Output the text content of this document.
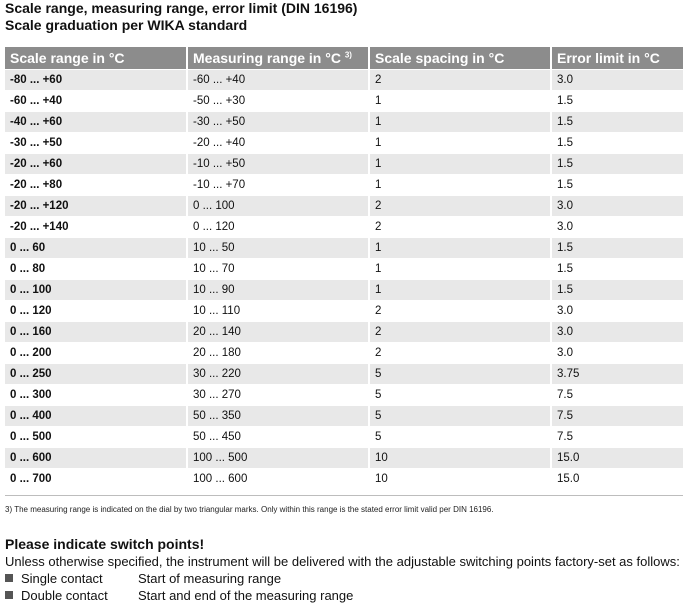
Scale range, measuring range, error limit (DIN 16196)
Scale graduation per WIKA standard
Scale range in °C	Measuring range in °C $^{3)}$	Scale spacing in °C	Error limit in °C
-80 ... +60	-60 ... +40	2	3.0
-60 ... +40	-50 ... +30	1	1.5
-40 ... +60	-30 ... +50	1	1.5
-30 ... +50	-20 ... +40	1	1.5
-20 ... +60	-10 ... +50	1	1.5
-20 ... +80	-10 ... +70	1	1.5
-20 ... +120	0 ... 100	2	3.0
-20 ... +140	0 ... 120	2	3.0
0 ... 60	10 ... 50	1	1.5
0 ... 80	10 ... 70	1	1.5
0 ... 100	10 ... 90	1	1.5
0 ... 120	10 ... 110	2	3.0
0 ... 160	20 ... 140	2	3.0
0 ... 200	20 ... 180	2	3.0
0 ... 250	30 ... 220	5	3.75
0 ... 300	30 ... 270	5	7.5
0 ... 400	50 ... 350	5	7.5
0 ... 500	50 ... 450	5	7.5
0 ... 600	100 ... 500	10	15.0
0 ... 700	100 ... 600	10	15.0
3) The measuring range is indicated on the dial by two triangular marks. Only within this range is the stated error limit valid per DIN 16196.
Please indicate switch points!
Unless otherwise specified, the instrument will be delivered with the adjustable switching points factory-set as follows:
Single contact	Start of measuring range
Double contact Start and end of the measuring range
